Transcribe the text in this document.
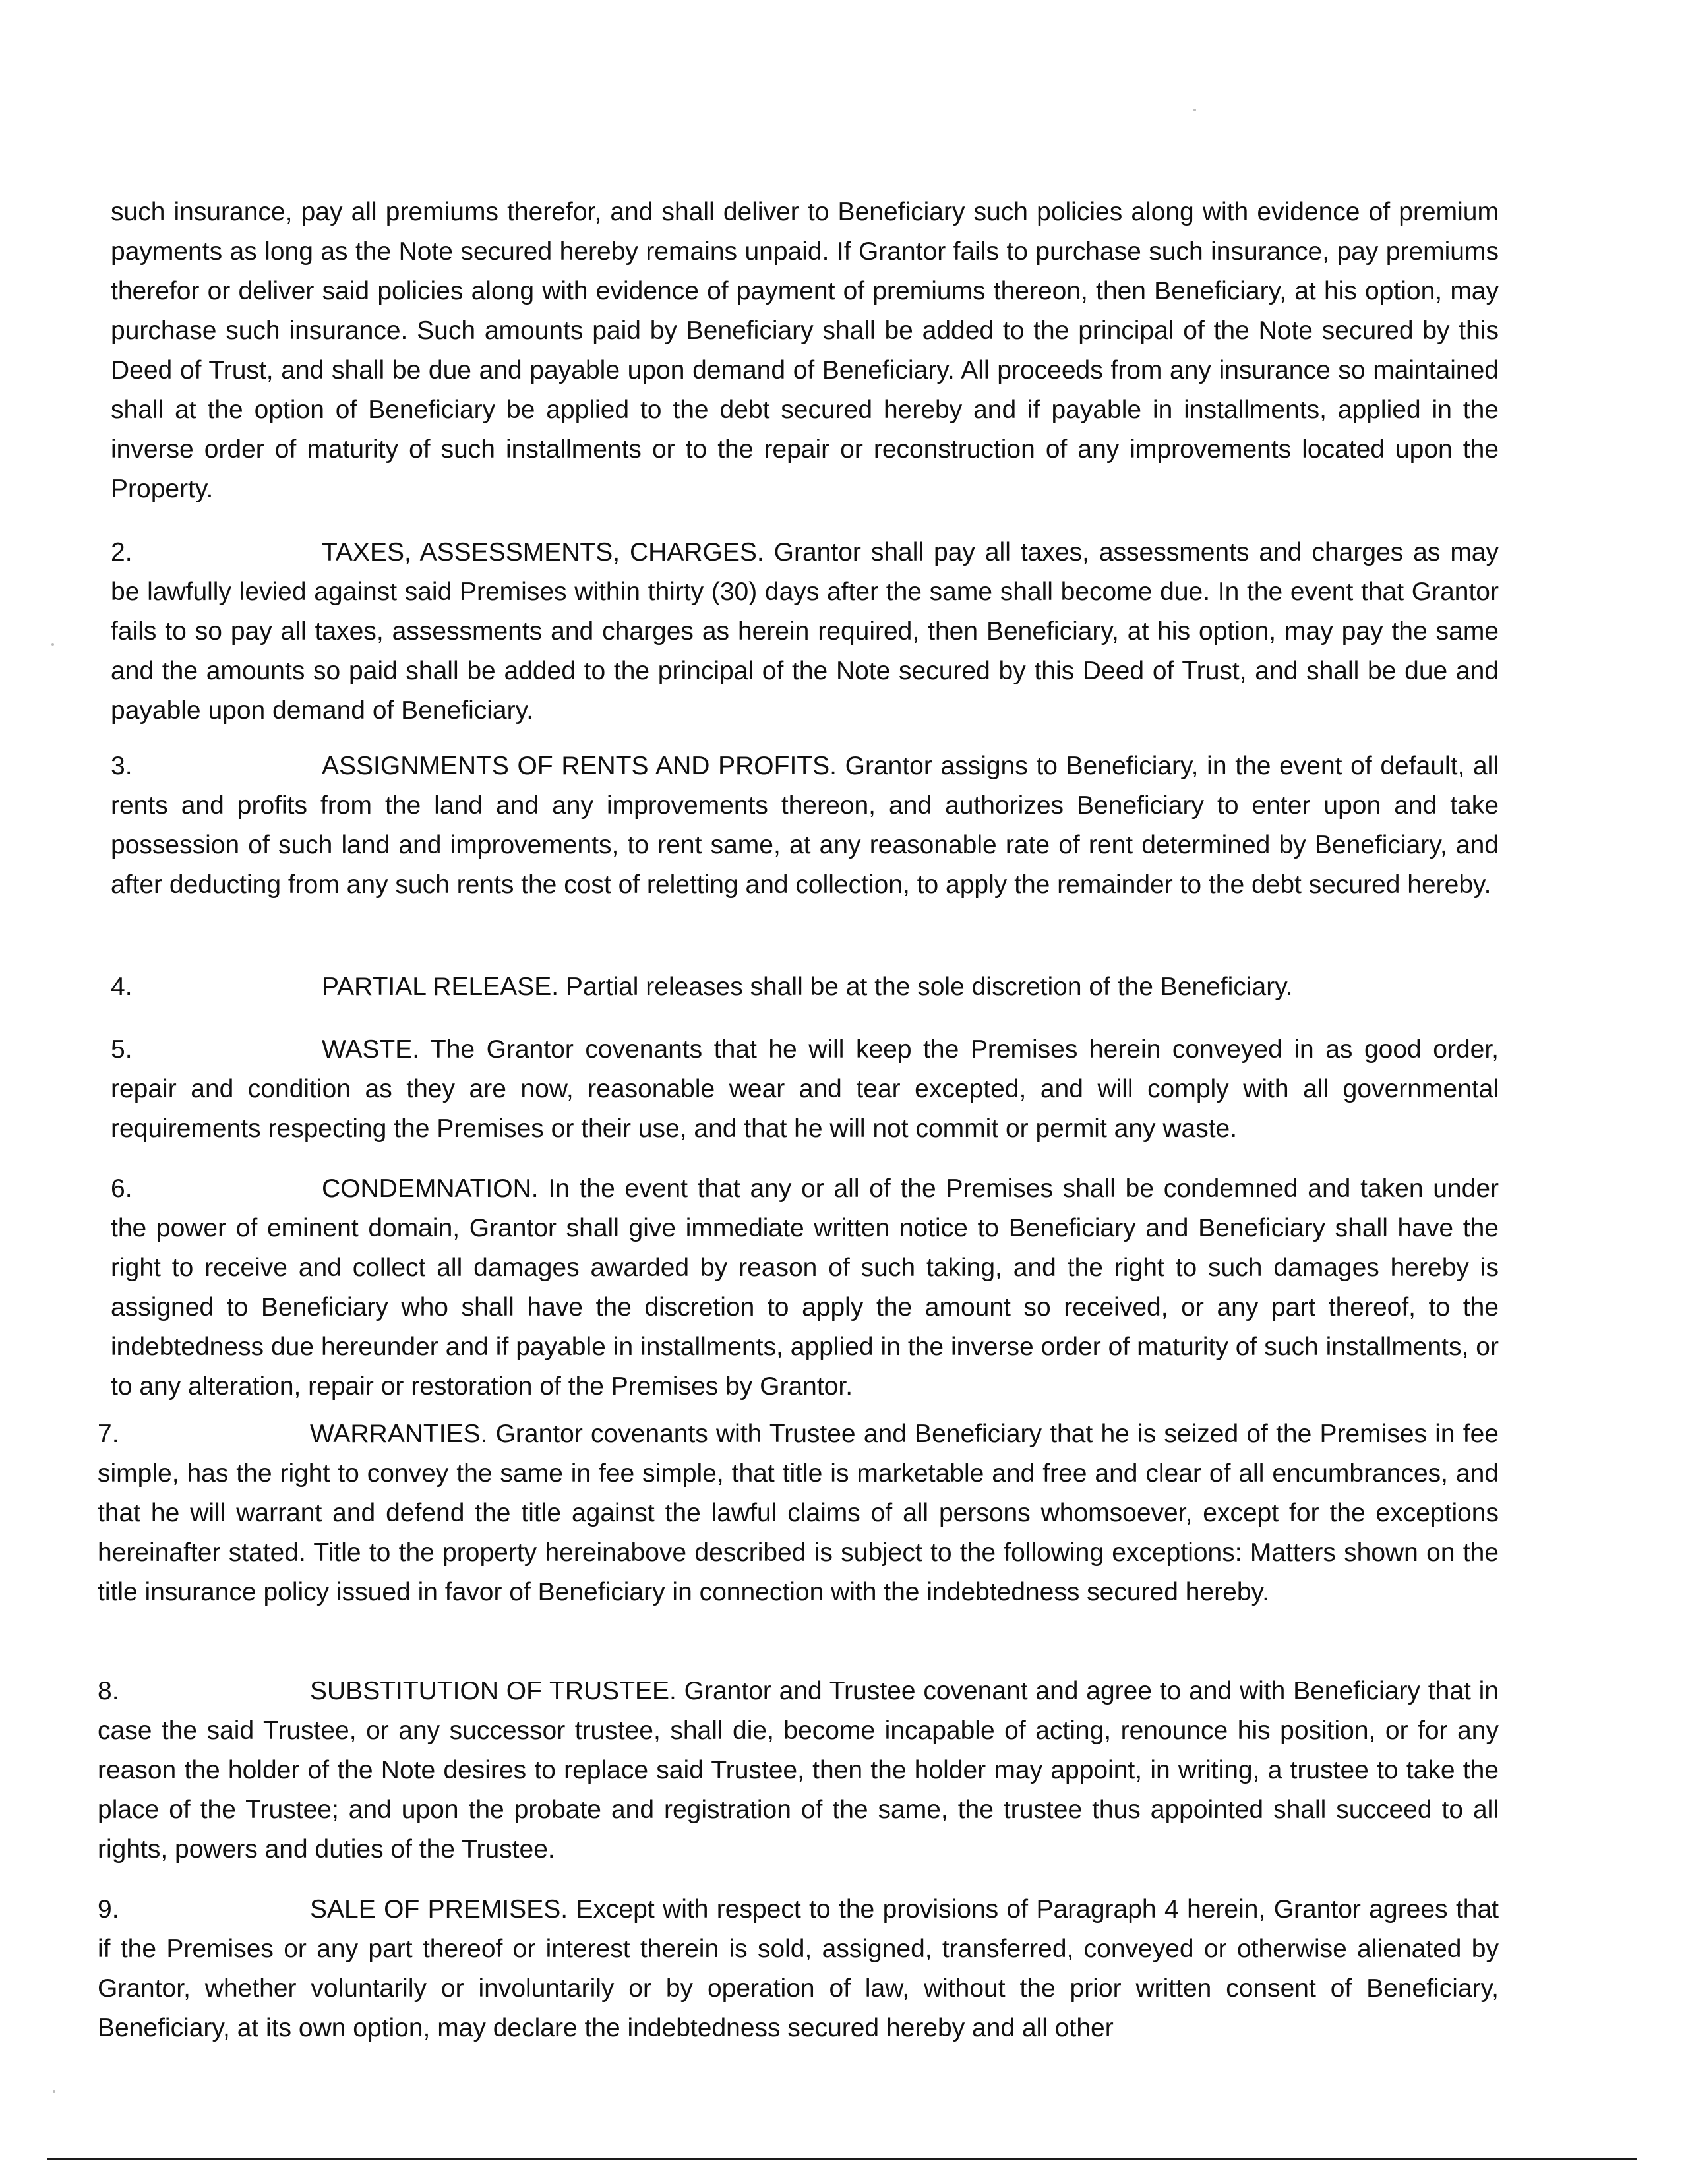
such insurance, pay all premiums therefor, and shall deliver to Beneficiary such policies along with evidence of premium payments as long as the Note secured hereby remains unpaid. If Grantor fails to purchase such insurance, pay premiums therefor or deliver said policies along with evidence of payment of premiums thereon, then Beneficiary, at his option, may purchase such insurance. Such amounts paid by Beneficiary shall be added to the principal of the Note secured by this Deed of Trust, and shall be due and payable upon demand of Beneficiary. All proceeds from any insurance so maintained shall at the option of Beneficiary be applied to the debt secured hereby and if payable in installments, applied in the inverse order of maturity of such installments or to the repair or reconstruction of any improvements located upon the Property.

2.	TAXES, ASSESSMENTS, CHARGES. Grantor shall pay all taxes, assessments and charges as may be lawfully levied against said Premises within thirty (30) days after the same shall become due. In the event that Grantor fails to so pay all taxes, assessments and charges as herein required, then Beneficiary, at his option, may pay the same and the amounts so paid shall be added to the principal of the Note secured by this Deed of Trust, and shall be due and payable upon demand of Beneficiary.

3.	ASSIGNMENTS OF RENTS AND PROFITS. Grantor assigns to Beneficiary, in the event of default, all rents and profits from the land and any improvements thereon, and authorizes Beneficiary to enter upon and take possession of such land and improvements, to rent same, at any reasonable rate of rent determined by Beneficiary, and after deducting from any such rents the cost of reletting and collection, to apply the remainder to the debt secured hereby.

4.	PARTIAL RELEASE. Partial releases shall be at the sole discretion of the Beneficiary.

5.	WASTE. The Grantor covenants that he will keep the Premises herein conveyed in as good order, repair and condition as they are now, reasonable wear and tear excepted, and will comply with all governmental requirements respecting the Premises or their use, and that he will not commit or permit any waste.

6.	CONDEMNATION. In the event that any or all of the Premises shall be condemned and taken under the power of eminent domain, Grantor shall give immediate written notice to Beneficiary and Beneficiary shall have the right to receive and collect all damages awarded by reason of such taking, and the right to such damages hereby is assigned to Beneficiary who shall have the discretion to apply the amount so received, or any part thereof, to the indebtedness due hereunder and if payable in installments, applied in the inverse order of maturity of such installments, or to any alteration, repair or restoration of the Premises by Grantor.

7.	WARRANTIES. Grantor covenants with Trustee and Beneficiary that he is seized of the Premises in fee simple, has the right to convey the same in fee simple, that title is marketable and free and clear of all encumbrances, and that he will warrant and defend the title against the lawful claims of all persons whomsoever, except for the exceptions hereinafter stated. Title to the property hereinabove described is subject to the following exceptions: Matters shown on the title insurance policy issued in favor of Beneficiary in connection with the indebtedness secured hereby.

8.	SUBSTITUTION OF TRUSTEE. Grantor and Trustee covenant and agree to and with Beneficiary that in case the said Trustee, or any successor trustee, shall die, become incapable of acting, renounce his position, or for any reason the holder of the Note desires to replace said Trustee, then the holder may appoint, in writing, a trustee to take the place of the Trustee; and upon the probate and registration of the same, the trustee thus appointed shall succeed to all rights, powers and duties of the Trustee.

9.	SALE OF PREMISES. Except with respect to the provisions of Paragraph 4 herein, Grantor agrees that if the Premises or any part thereof or interest therein is sold, assigned, transferred, conveyed or otherwise alienated by Grantor, whether voluntarily or involuntarily or by operation of law, without the prior written consent of Beneficiary, Beneficiary, at its own option, may declare the indebtedness secured hereby and all other
